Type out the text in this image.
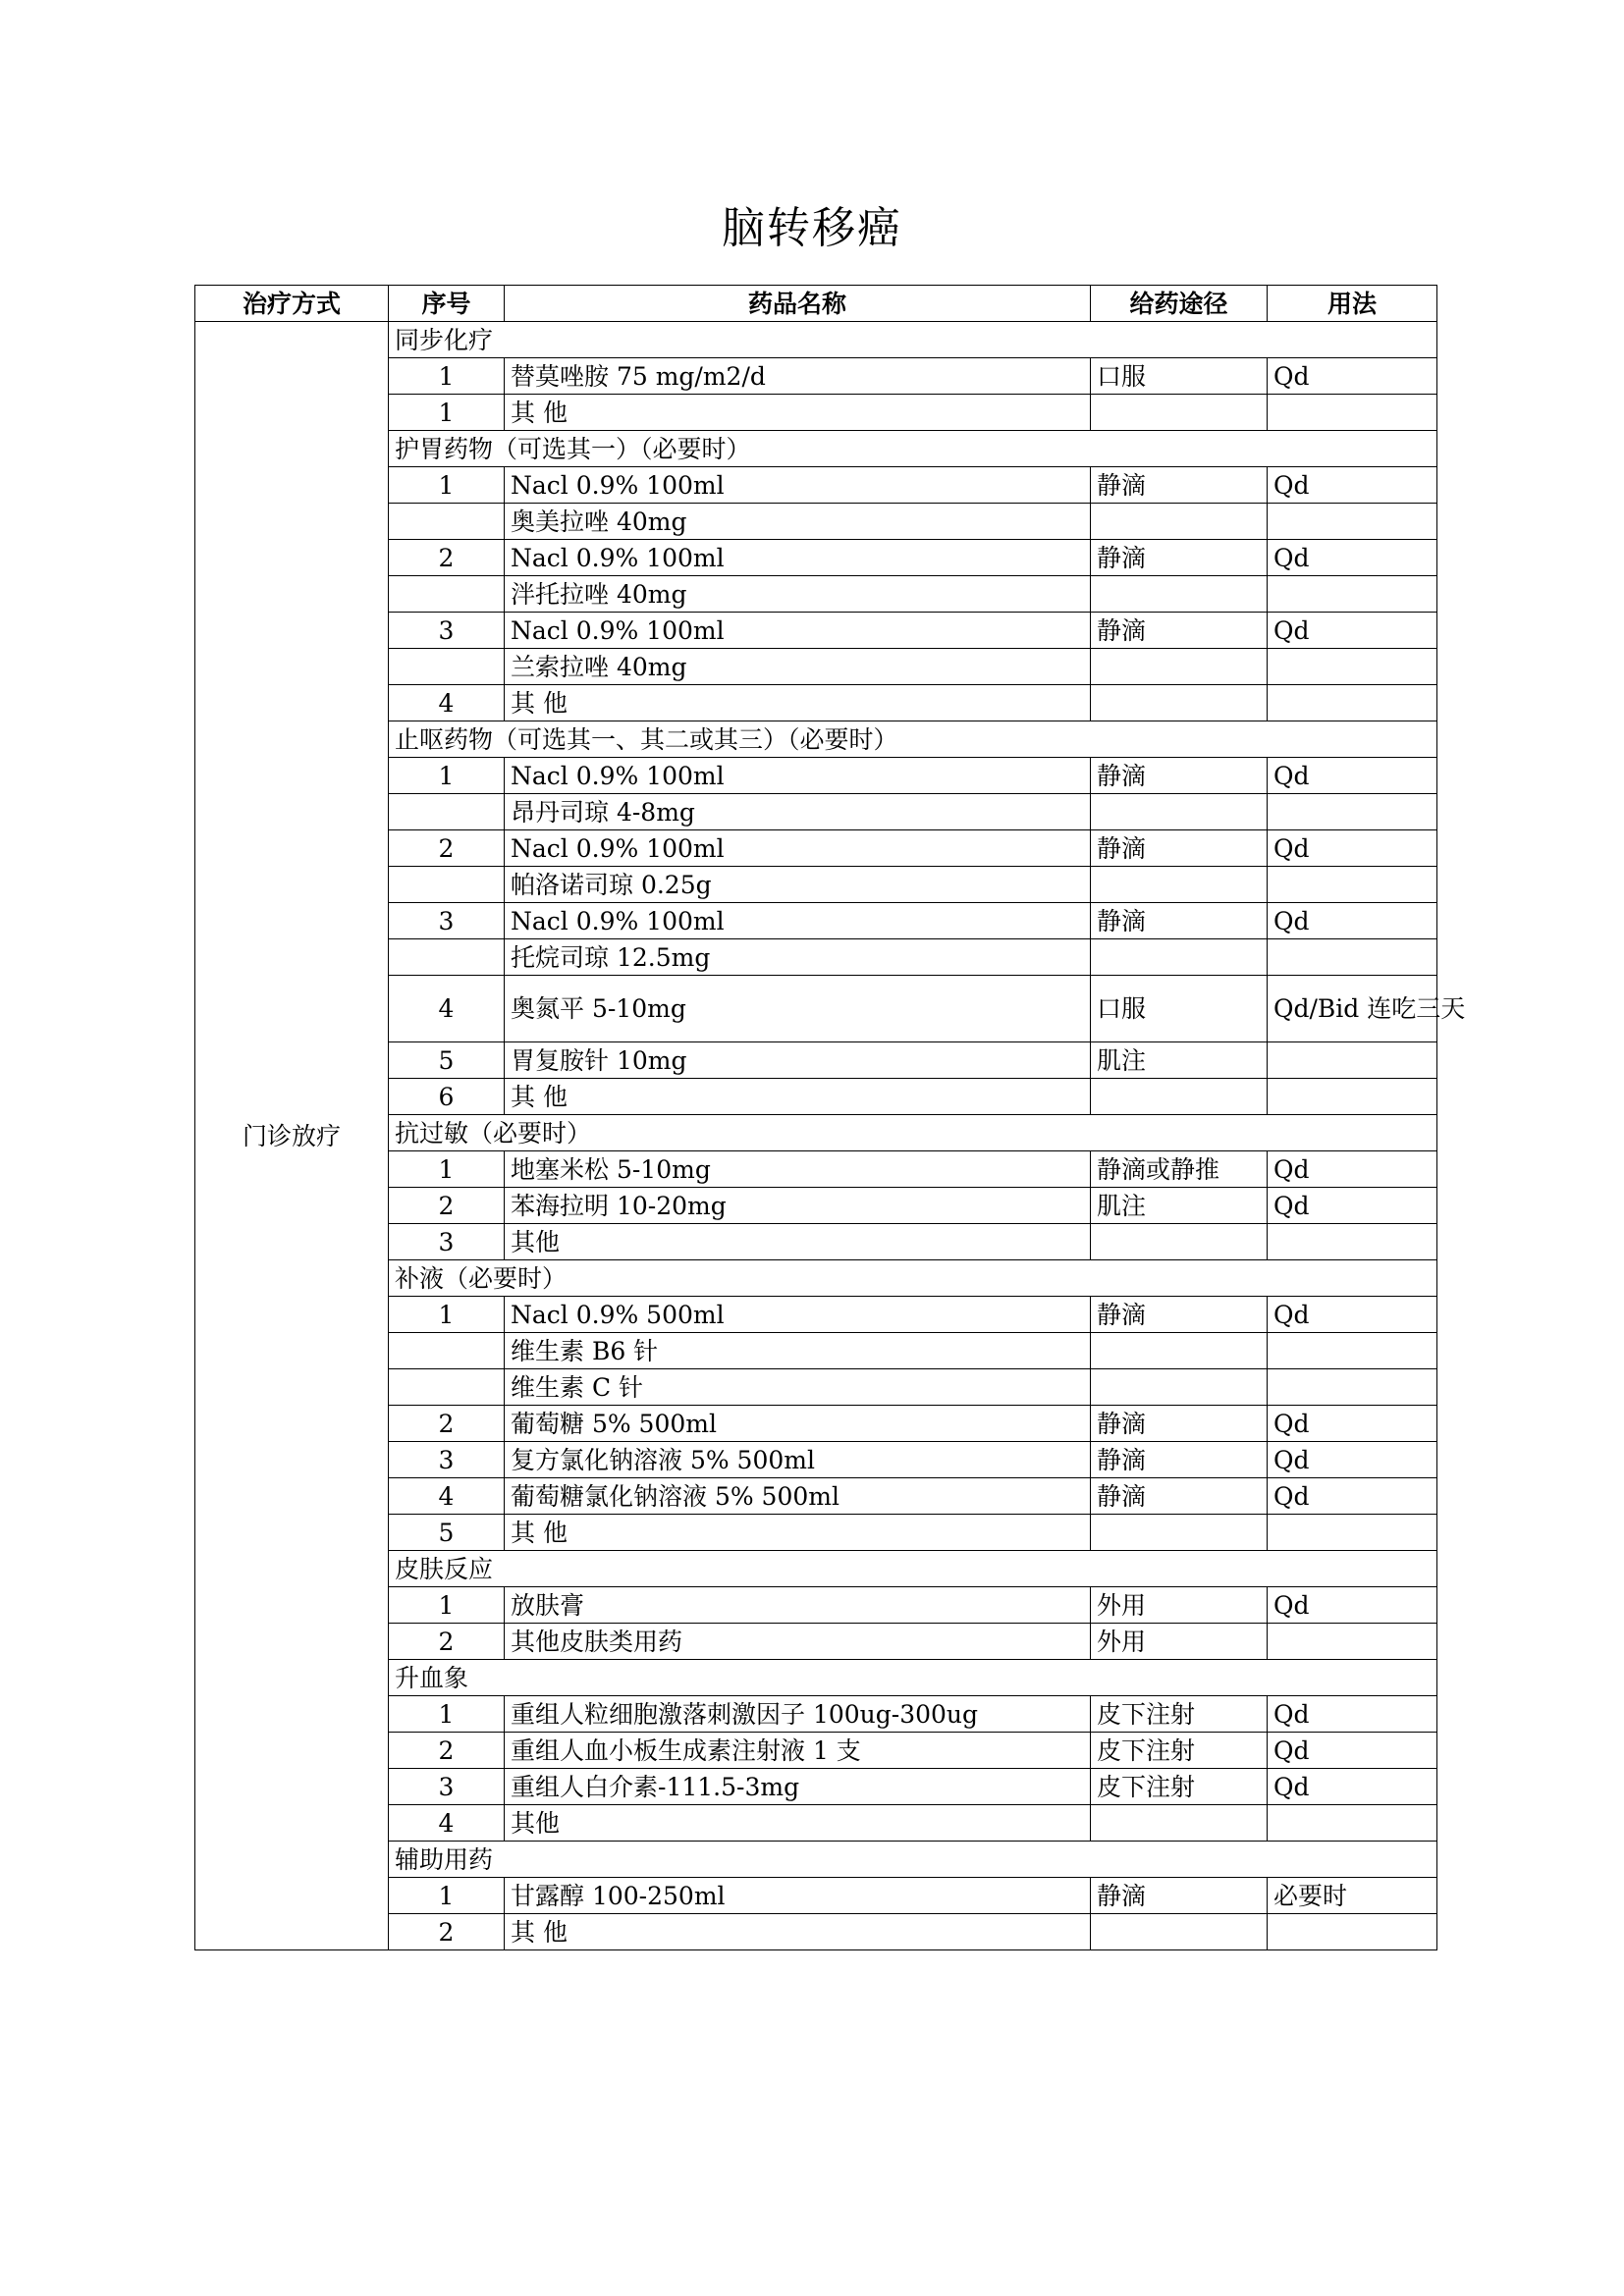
脑转移癌
治疗方式	序号	药品名称	给药途径	用法
门诊放疗	同步化疗			
	1	替莫唑胺 75 mg/m2/d	口服	Qd
	1	其 他		
	护胃药物（可选其一）（必要时）			
	1	Nacl 0.9% 100ml	静滴	Qd
		奥美拉唑 40mg		
	2	Nacl 0.9% 100ml	静滴	Qd
		泮托拉唑 40mg		
	3	Nacl 0.9% 100ml	静滴	Qd
		兰索拉唑 40mg		
	4	其 他		
	止呕药物（可选其一、其二或其三）（必要时）			
	1	Nacl 0.9% 100ml	静滴	Qd
		昂丹司琼 4-8mg		
	2	Nacl 0.9% 100ml	静滴	Qd
		帕洛诺司琼 0.25g		
	3	Nacl 0.9% 100ml	静滴	Qd
		托烷司琼 12.5mg		
	4	奥氮平 5-10mg	口服	Qd/Bid 连吃三天
	5	胃复胺针 10mg	肌注	
	6	其 他		
	抗过敏（必要时）			
	1	地塞米松 5-10mg	静滴或静推	Qd
	2	苯海拉明 10-20mg	肌注	Qd
	3	其他		
	补液（必要时）			
	1	Nacl 0.9% 500ml	静滴	Qd
		维生素 B6 针		
		维生素 C 针		
	2	葡萄糖 5% 500ml	静滴	Qd
	3	复方氯化钠溶液 5% 500ml	静滴	Qd
	4	葡萄糖氯化钠溶液 5% 500ml	静滴	Qd
	5	其 他		
	皮肤反应			
	1	放肤膏	外用	Qd
	2	其他皮肤类用药	外用	
	升血象			
	1	重组人粒细胞激落刺激因子 100ug-300ug	皮下注射	Qd
	2	重组人血小板生成素注射液 1 支	皮下注射	Qd
	3	重组人白介素-111.5-3mg	皮下注射	Qd
	4	其他		
	辅助用药			
	1	甘露醇 100-250ml	静滴	必要时
	2	其 他		
